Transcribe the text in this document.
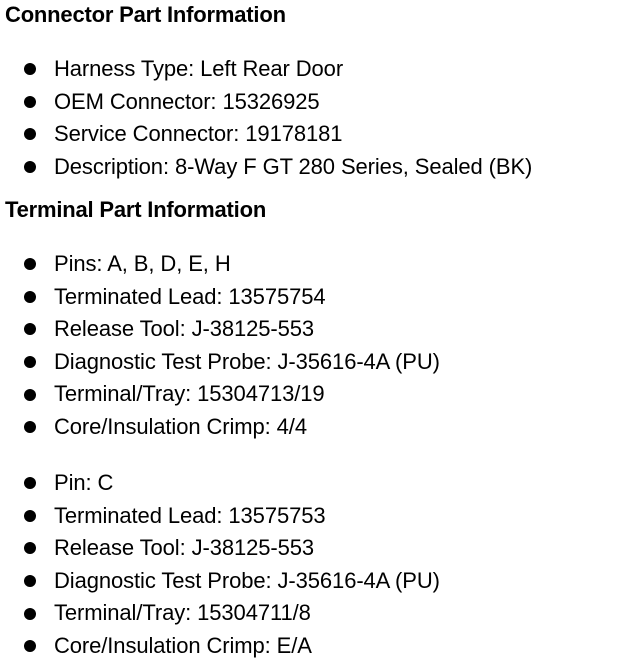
Connector Part Information
Harness Type: Left Rear Door
OEM Connector: 15326925
Service Connector: 19178181
Description: 8-Way F GT 280 Series, Sealed (BK)
Terminal Part Information
Pins: A, B, D, E, H
Terminated Lead: 13575754
Release Tool: J-38125-553
Diagnostic Test Probe: J-35616-4A (PU)
Terminal/Tray: 15304713/19
Core/Insulation Crimp: 4/4
Pin: C
Terminated Lead: 13575753
Release Tool: J-38125-553
Diagnostic Test Probe: J-35616-4A (PU)
Terminal/Tray: 15304711/8
Core/Insulation Crimp: E/A
